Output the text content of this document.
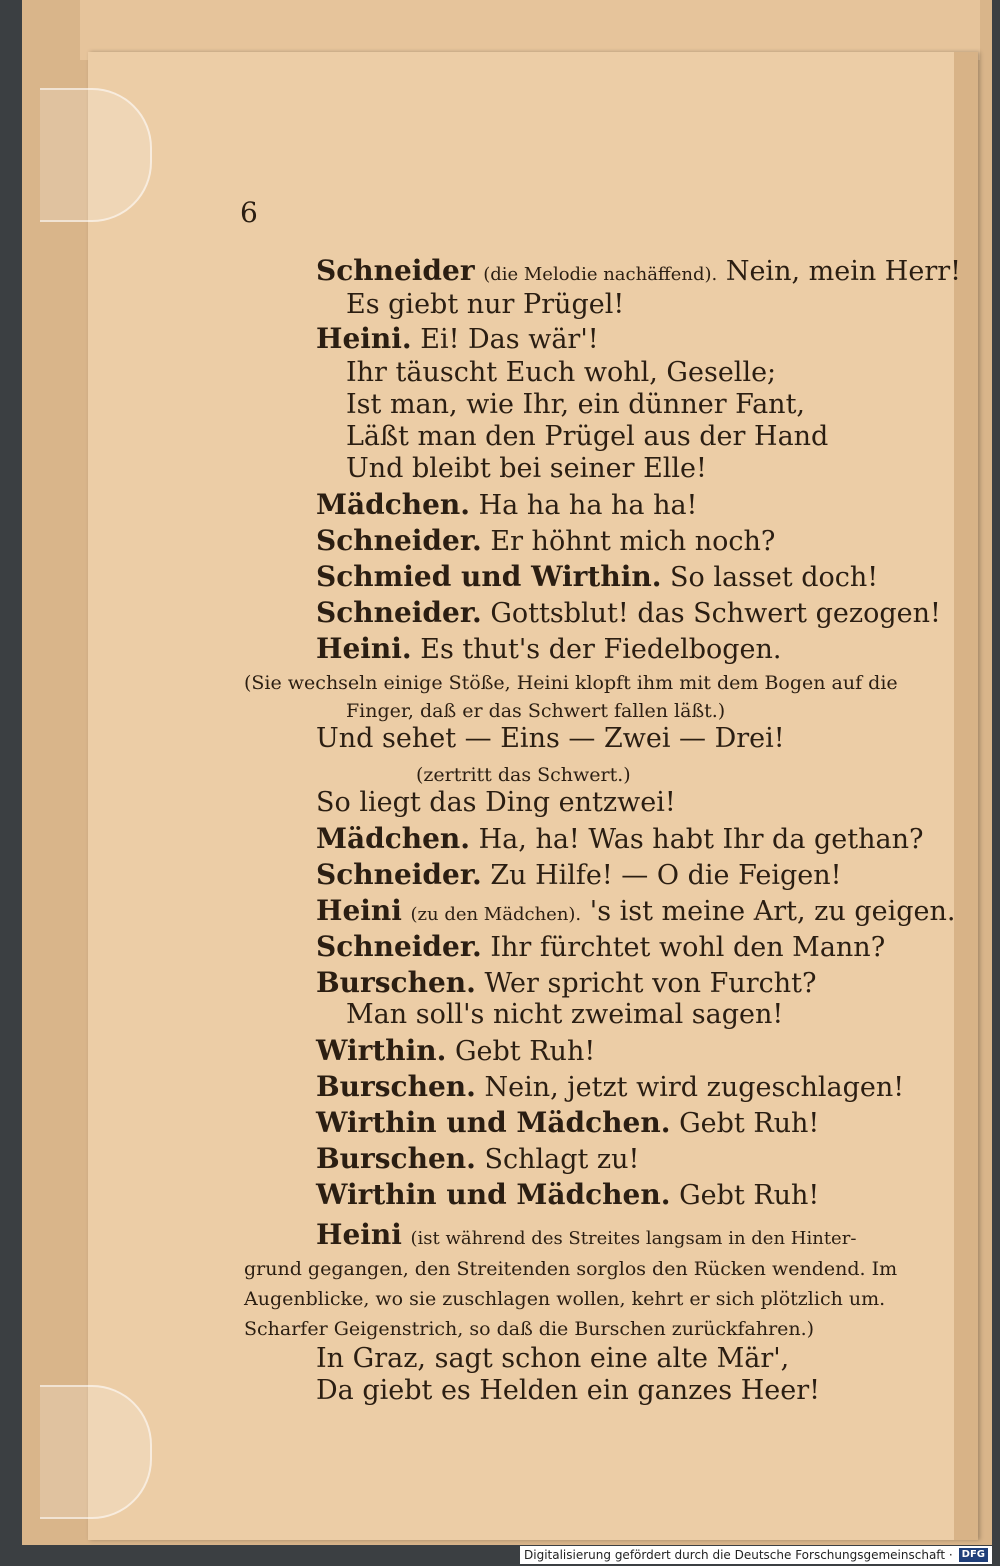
6
Schneider (die Melodie nachäffend). Nein, mein Herr!
Es giebt nur Prügel!
Heini. Ei! Das wär'!
Ihr täuscht Euch wohl, Geselle;
Ist man, wie Ihr, ein dünner Fant,
Läßt man den Prügel aus der Hand
Und bleibt bei seiner Elle!
Mädchen. Ha ha ha ha ha!
Schneider. Er höhnt mich noch?
Schmied und Wirthin. So lasset doch!
Schneider. Gottsblut! das Schwert gezogen!
Heini. Es thut's der Fiedelbogen.
(Sie wechseln einige Stöße, Heini klopft ihm mit dem Bogen auf die
Finger, daß er das Schwert fallen läßt.)
Und sehet — Eins — Zwei — Drei!
(zertritt das Schwert.)
So liegt das Ding entzwei!
Mädchen. Ha, ha! Was habt Ihr da gethan?
Schneider. Zu Hilfe! — O die Feigen!
Heini (zu den Mädchen). 's ist meine Art, zu geigen.
Schneider. Ihr fürchtet wohl den Mann?
Burschen. Wer spricht von Furcht?
Man soll's nicht zweimal sagen!
Wirthin. Gebt Ruh!
Burschen. Nein, jetzt wird zugeschlagen!
Wirthin und Mädchen. Gebt Ruh!
Burschen. Schlagt zu!
Wirthin und Mädchen. Gebt Ruh!
Heini (ist während des Streites langsam in den Hinter-
grund gegangen, den Streitenden sorglos den Rücken wendend. Im
Augenblicke, wo sie zuschlagen wollen, kehrt er sich plötzlich um.
Scharfer Geigenstrich, so daß die Burschen zurückfahren.)
In Graz, sagt schon eine alte Mär',
Da giebt es Helden ein ganzes Heer!
Digitalisierung gefördert durch die Deutsche Forschungsgemeinschaft · DFG
